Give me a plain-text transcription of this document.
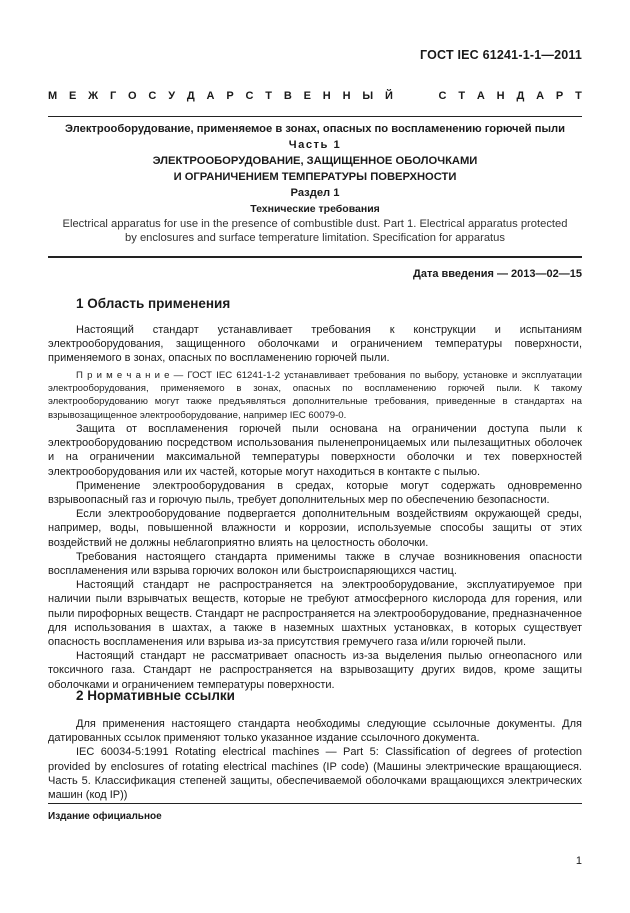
ГОСТ IEC 61241-1-1—2011
М Е Ж Г О С У Д А Р С Т В Е Н Н Ы Й	С Т А Н Д А Р Т
Электрооборудование, применяемое в зонах, опасных по воспламенению горючей пыли
Часть 1
ЭЛЕКТРООБОРУДОВАНИЕ, ЗАЩИЩЕННОЕ ОБОЛОЧКАМИ
И ОГРАНИЧЕНИЕМ ТЕМПЕРАТУРЫ ПОВЕРХНОСТИ
Раздел 1
Технические требования
Electrical apparatus for use in the presence of combustible dust. Part 1. Electrical apparatus protected
by enclosures and surface temperature limitation. Specification for apparatus
Дата введения — 2013—02—15
1 Область применения

Настоящий стандарт устанавливает требования к конструкции и испытаниям электрооборудования, защищенного оболочками и ограничением температуры поверхности, применяемого в зонах, опасных по воспламенению горючей пыли.

П р и м е ч а н и е — ГОСТ IEC 61241-1-2 устанавливает требования по выбору, установке и эксплуатации электрооборудования, применяемого в зонах, опасных по воспламенению горючей пыли. К такому электрооборудованию могут также предъявляться дополнительные требования, приведенные в стандартах на взрывозащищенное электрооборудование, например IEC 60079-0.

Защита от воспламенения горючей пыли основана на ограничении доступа пыли к электрооборудованию посредством использования пыленепроницаемых или пылезащитных оболочек и на ограничении максимальной температуры поверхности оболочки и тех поверхностей электрооборудования или их частей, которые могут находиться в контакте с пылью.

Применение электрооборудования в средах, которые могут содержать одновременно взрывоопасный газ и горючую пыль, требует дополнительных мер по обеспечению безопасности.

Если электрооборудование подвергается дополнительным воздействиям окружающей среды, например, воды, повышенной влажности и коррозии, используемые способы защиты от этих воздействий не должны неблагоприятно влиять на целостность оболочки.

Требования настоящего стандарта применимы также в случае возникновения опасности воспламенения или взрыва горючих волокон или быстроиспаряющихся частиц.

Настоящий стандарт не распространяется на электрооборудование, эксплуатируемое при наличии пыли взрывчатых веществ, которые не требуют атмосферного кислорода для горения, или пыли пирофорных веществ. Стандарт не распространяется на электрооборудование, предназначенное для использования в шахтах, а также в наземных шахтных установках, в которых существует опасность воспламенения или взрыва из-за присутствия гремучего газа и/или горючей пыли.

Настоящий стандарт не рассматривает опасность из-за выделения пылью огнеопасного или токсичного газа. Стандарт не распространяется на взрывозащиту других видов, кроме защиты оболочками и ограничением температуры поверхности.

2 Нормативные ссылки

Для применения настоящего стандарта необходимы следующие ссылочные документы. Для датированных ссылок применяют только указанное издание ссылочного документа.

IEC 60034-5:1991 Rotating electrical machines — Part 5: Classification of degrees of protection provided by enclosures of rotating electrical machines (IP code) (Машины электрические вращающиеся. Часть 5. Классификация степеней защиты, обеспечиваемой оболочками вращающихся электрических машин (код IP))

Издание официальное
1
